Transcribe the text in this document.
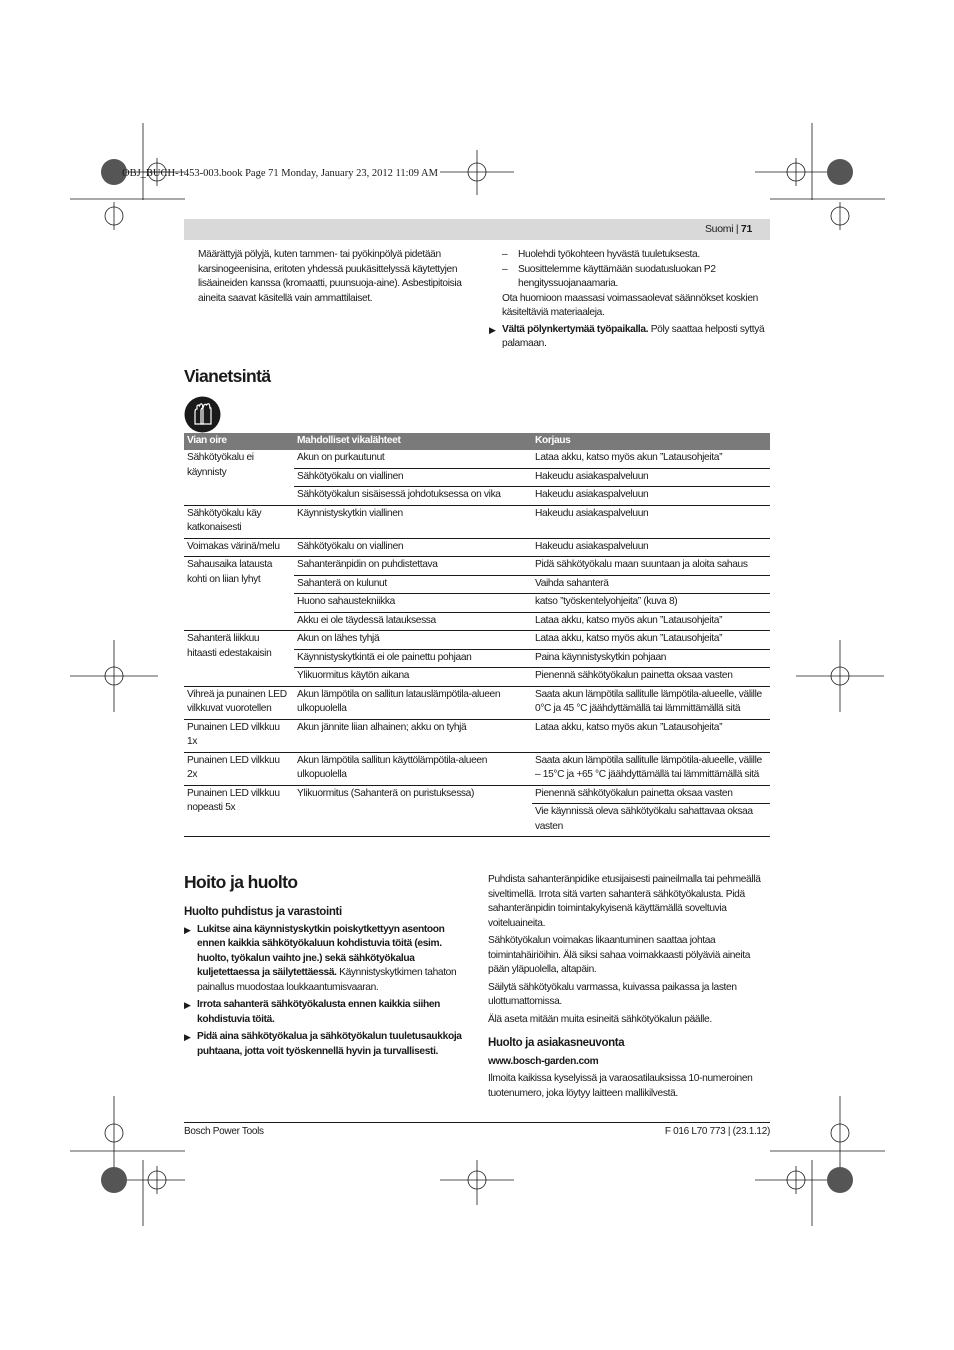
OBJ_BUCH-1453-003.book Page 71 Monday, January 23, 2012 11:09 AM
Suomi | 71

Määrättyjä pölyjä, kuten tammen- tai pyökinpölyä pidetään karsinogeenisina, eritoten yhdessä puukäsittelyssä käytettyjen lisäaineiden kanssa (kromaatti, puunsuoja-aine). Asbestipitoisia aineita saavat käsitellä vain ammattilaiset.

–	Huolehdi työkohteen hyvästä tuuletuksesta.
–	Suosittelemme käyttämään suodatusluokan P2 hengityssuojanaamaria.

Ota huomioon maassasi voimassaolevat säännökset koskien käsiteltäviä materiaaleja.

▶ Vältä pölynkertymää työpaikalla. Pöly saattaa helposti syttyä palamaan.
Vianetsintä
Vian oire	Mahdolliset vikalähteet	Korjaus
Sähkötyökalu ei käynnisty	Akun on purkautunut	Lataa akku, katso myös akun ”Latausohjeita”
	Sähkötyökalu on viallinen	Hakeudu asiakaspalveluun
	Sähkötyökalun sisäisessä johdotuksessa on vika	Hakeudu asiakaspalveluun
Sähkötyökalu käy katkonaisesti	Käynnistyskytkin viallinen	Hakeudu asiakaspalveluun
Voimakas värinä/melu	Sähkötyökalu on viallinen	Hakeudu asiakaspalveluun
Sahausaika latausta kohti on liian lyhyt	Sahanteränpidin on puhdistettava	Pidä sähkötyökalu maan suuntaan ja aloita sahaus
	Sahanterä on kulunut	Vaihda sahanterä
	Huono sahaustekniikka	katso ”työskentelyohjeita” (kuva 8)
	Akku ei ole täydessä latauksessa	Lataa akku, katso myös akun ”Latausohjeita”
Sahanterä liikkuu hitaasti edestakaisin	Akun on lähes tyhjä	Lataa akku, katso myös akun ”Latausohjeita”
	Käynnistyskytkintä ei ole painettu pohjaan	Paina käynnistyskytkin pohjaan
	Ylikuormitus käytön aikana	Pienennä sähkötyökalun painetta oksaa vasten
Vihreä ja punainen LED vilkkuvat vuorotellen	Akun lämpötila on sallitun latauslämpötila-alueen ulkopuolella	Saata akun lämpötila sallitulle lämpötila-alueelle, välille 0°C ja 45 °C jäähdyttämällä tai lämmittämällä sitä
Punainen LED vilkkuu 1x	Akun jännite liian alhainen; akku on tyhjä	Lataa akku, katso myös akun ”Latausohjeita”
Punainen LED vilkkuu 2x	Akun lämpötila sallitun käyttölämpötila-alueen ulkopuolella	Saata akun lämpötila sallitulle lämpötila-alueelle, välille – 15°C ja +65 °C jäähdyttämällä tai lämmittämällä sitä
Punainen LED vilkkuu nopeasti 5x	Ylikuormitus (Sahanterä on puristuksessa)	Pienennä sähkötyökalun painetta oksaa vasten
		Vie käynnissä oleva sähkötyökalu sahattavaa oksaa vasten
Hoito ja huolto
Huolto puhdistus ja varastointi
▶ Lukitse aina käynnistyskytkin poiskytkettyyn asentoon ennen kaikkia sähkötyökaluun kohdistuvia töitä (esim. huolto, työkalun vaihto jne.) sekä sähkötyökalua kuljetettaessa ja säilytettäessä. Käynnistyskytkimen tahaton painallus muodostaa loukkaantumisvaaran.
▶ Irrota sahanterä sähkötyökalusta ennen kaikkia siihen kohdistuvia töitä.
▶ Pidä aina sähkötyökalua ja sähkötyökalun tuuletusaukkoja puhtaana, jotta voit työskennellä hyvin ja turvallisesti.

Puhdista sahanteränpidike etusijaisesti paineilmalla tai pehmeällä siveltimellä. Irrota sitä varten sahanterä sähkötyökalusta. Pidä sahanteränpidin toimintakykyisenä käyttämällä soveltuvia voiteluaineita.

Sähkötyökalun voimakas likaantuminen saattaa johtaa toimintahäiriöihin. Älä siksi sahaa voimakkaasti pölyäviä aineita pään yläpuolella, altapäin.

Säilytä sähkötyökalu varmassa, kuivassa paikassa ja lasten ulottumattomissa.

Älä aseta mitään muita esineitä sähkötyökalun päälle.

Huolto ja asiakasneuvonta

www.bosch-garden.com

Ilmoita kaikissa kyselyissä ja varaosatilauksissa 10-numeroinen tuotenumero, joka löytyy laitteen mallikilvestä.

Bosch Power Tools	F 016 L70 773 | (23.1.12)
